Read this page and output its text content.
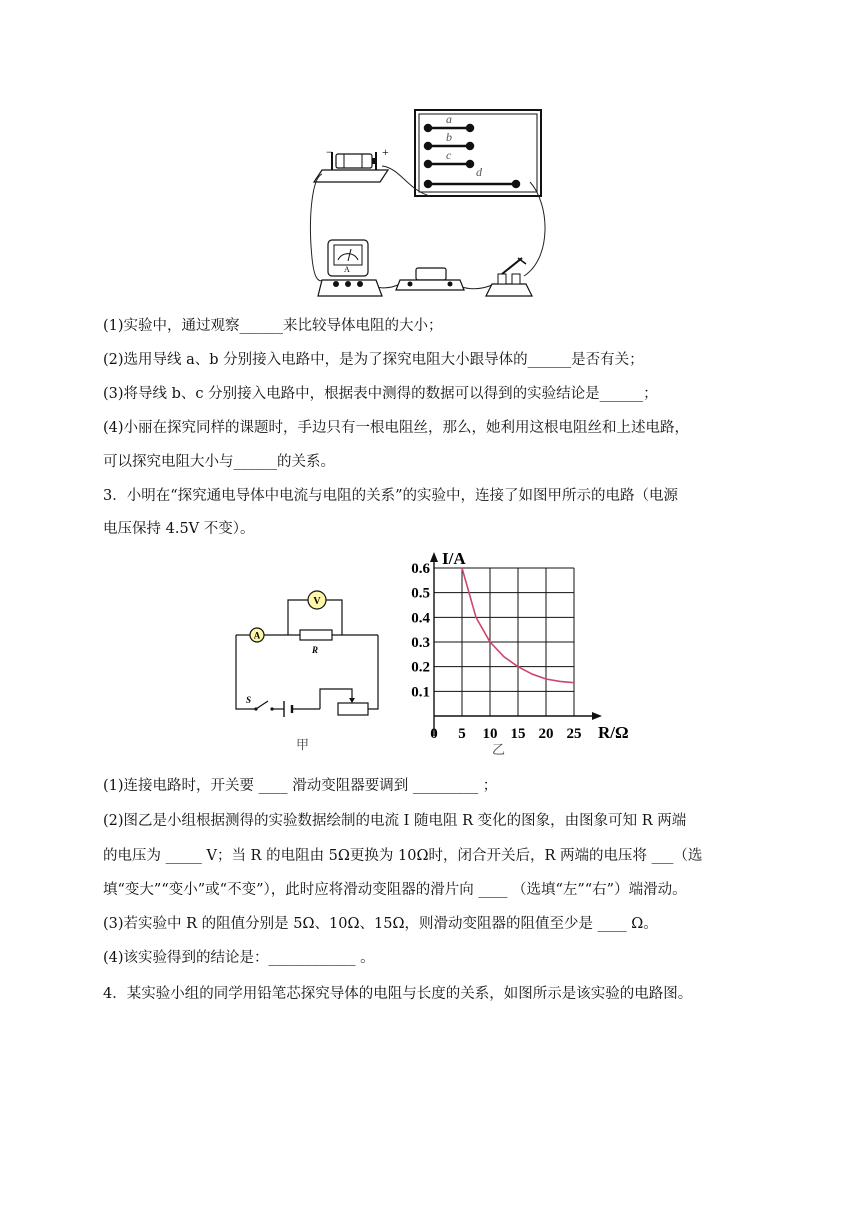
a
b
c
d
−	+
A
(1)实验中，通过观察______来比较导体电阻的大小；
(2)选用导线 a、b 分别接入电路中，是为了探究电阻大小跟导体的______是否有关；
(3)将导线 b、c 分别接入电路中，根据表中测得的数据可以得到的实验结论是______；
(4)小丽在探究同样的课题时，手边只有一根电阻丝，那么，她利用这根电阻丝和上述电路，
可以探究电阻大小与______的关系。
3．小明在“探究通电导体中电流与电阻的关系”的实验中，连接了如图甲所示的电路（电源
电压保持 4.5V 不变）。
V
A
R
S
甲
0 5 10 15 20 25
0.1
0.2
0.3
0.4
0.5
0.6
I/A
R/Ω
乙
(1)连接电路时，开关要 ____ 滑动变阻器要调到 _________ ；
(2)图乙是小组根据测得的实验数据绘制的电流 I 随电阻 R 变化的图象，由图象可知 R 两端
的电压为 _____ V；当 R 的电阻由 5Ω更换为 10Ω时，闭合开关后，R 两端的电压将 ___（选
填“变大”“变小”或“不变”），此时应将滑动变阻器的滑片向 ____ （选填“左”“右”）端滑动。
(3)若实验中 R 的阻值分别是 5Ω、10Ω、15Ω，则滑动变阻器的阻值至少是 ____ Ω。
(4)该实验得到的结论是：____________ 。
4．某实验小组的同学用铅笔芯探究导体的电阻与长度的关系，如图所示是该实验的电路图。
